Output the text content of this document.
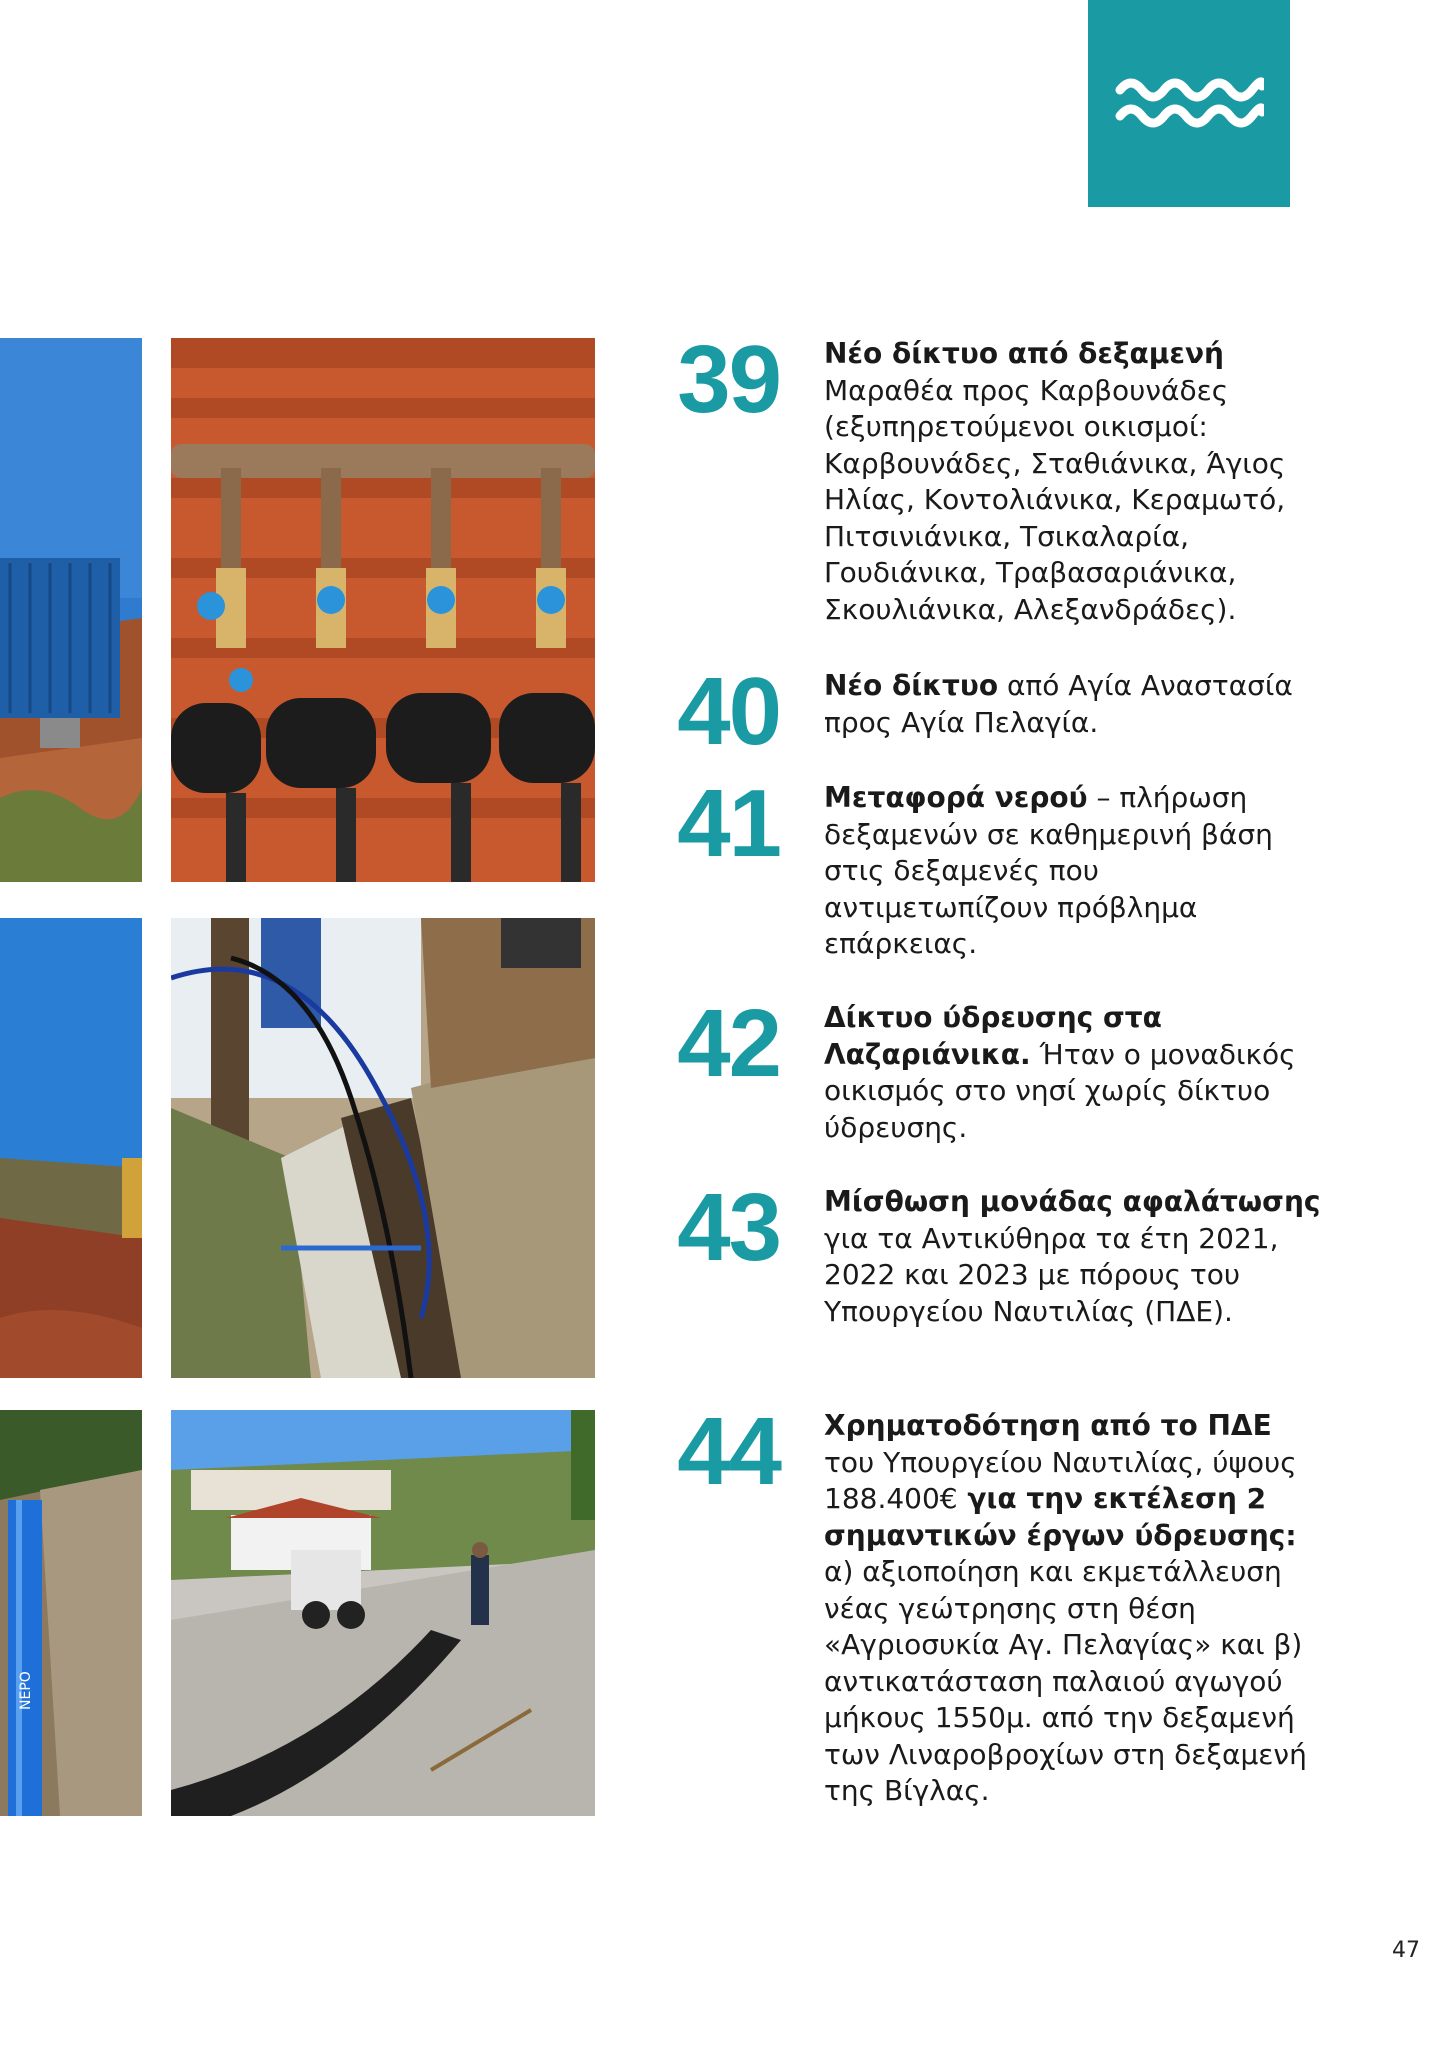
ΝΕΡΟ
39 Νέο δίκτυο από δεξαμενή Μαραθέα προς Καρβουνάδες (εξυπηρετούμενοι οικισμοί: Καρβουνάδες, Σταθιάνικα, Άγιος Ηλίας, Κοντολιάνικα, Κεραμωτό, Πιτσινιάνικα, Τσικαλαρία, Γουδιάνικα, Τραβασαριάνικα, Σκουλιάνικα, Αλεξανδράδες).
40 Νέο δίκτυο από Αγία Αναστασία προς Αγία Πελαγία.
41 Μεταφορά νερού – πλήρωση δεξαμενών σε καθημερινή βάση στις δεξαμενές που αντιμετωπίζουν πρόβλημα επάρκειας.
42 Δίκτυο ύδρευσης στα Λαζαριάνικα. Ήταν ο μοναδικός οικισμός στο νησί χωρίς δίκτυο ύδρευσης.
43 Μίσθωση μονάδας αφαλάτωσης για τα Αντικύθηρα τα έτη 2021, 2022 και 2023 με πόρους του Υπουργείου Ναυτιλίας (ΠΔΕ).
44 Χρηματοδότηση από το ΠΔΕ του Υπουργείου Ναυτιλίας, ύψους 188.400€ για την εκτέλεση 2 σημαντικών έργων ύδρευσης: α) αξιοποίηση και εκμετάλλευση νέας γεώτρησης στη θέση «Αγριοσυκία Αγ. Πελαγίας» και β) αντικατάσταση παλαιού αγωγού μήκους 1550μ. από την δεξαμενή των Λιναροβροχίων στη δεξαμενή της Βίγλας.
47
